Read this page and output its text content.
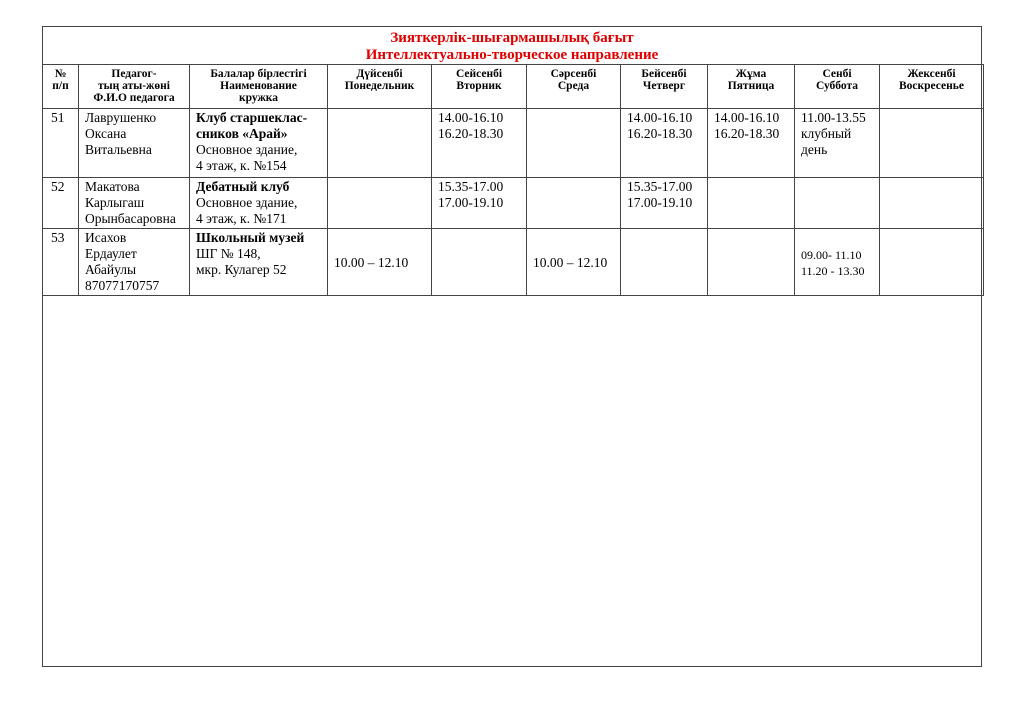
Зияткерлік-шығармашылық бағыт
Интеллектуально-творческое направление
№
п/п	Педагог-
тың аты-жөні
Ф.И.О педагога	Балалар бірлестігі
Наименование
кружка	Дүйсенбі
Понедельник	Сейсенбі
Вторник	Сәрсенбі
Среда	Бейсенбі
Четверг	Жұма
Пятница	Сенбі
Суббота	Жексенбі
Воскресенье

51	Лаврушенко
Оксана
Витальевна	Клуб старшеклас-
сников «Арай»
Основное здание,
4 этаж, к. №154		14.00-16.10
16.20-18.30		14.00-16.10
16.20-18.30	14.00-16.10
16.20-18.30	11.00-13.55
клубный
день	

52	Макатова
Карлыгаш
Орынбасаровна	Дебатный клуб
Основное здание,
4 этаж, к. №171		15.35-17.00
17.00-19.10		15.35-17.00
17.00-19.10			

53	Исахов
Ердаулет
Абайулы
87077170757	Школьный музей
ШГ № 148,
мкр. Кулагер 52	10.00 – 12.10		10.00 – 12.10			09.00- 11.10
11.20 - 13.30	
